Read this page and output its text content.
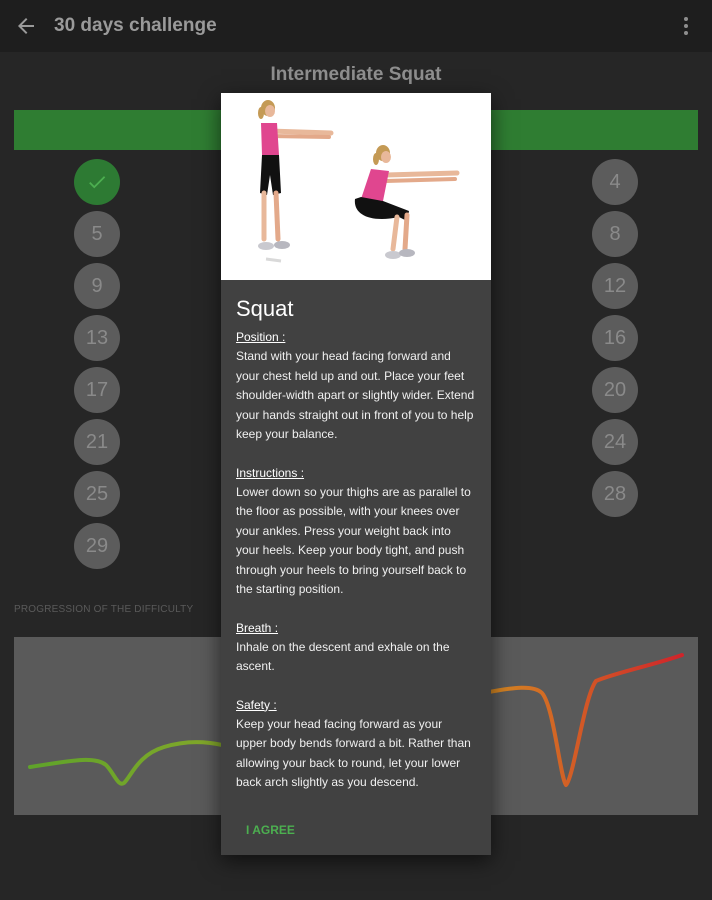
30 days challenge
Intermediate Squat
5
9
13
17
21
25
29
4
8
12
16
20
24
28
PROGRESSION OF THE DIFFICULTY
Squat
Position :
Stand with your head facing forward and your chest held up and out. Place your feet shoulder-width apart or slightly wider. Extend your hands straight out in front of you to help keep your balance.
Instructions :
Lower down so your thighs are as parallel to the floor as possible, with your knees over your ankles. Press your weight back into your heels. Keep your body tight, and push through your heels to bring yourself back to the starting position.
Breath :
Inhale on the descent and exhale on the ascent.
Safety :
Keep your head facing forward as your upper body bends forward a bit. Rather than allowing your back to round, let your lower back arch slightly as you descend.
I AGREE
